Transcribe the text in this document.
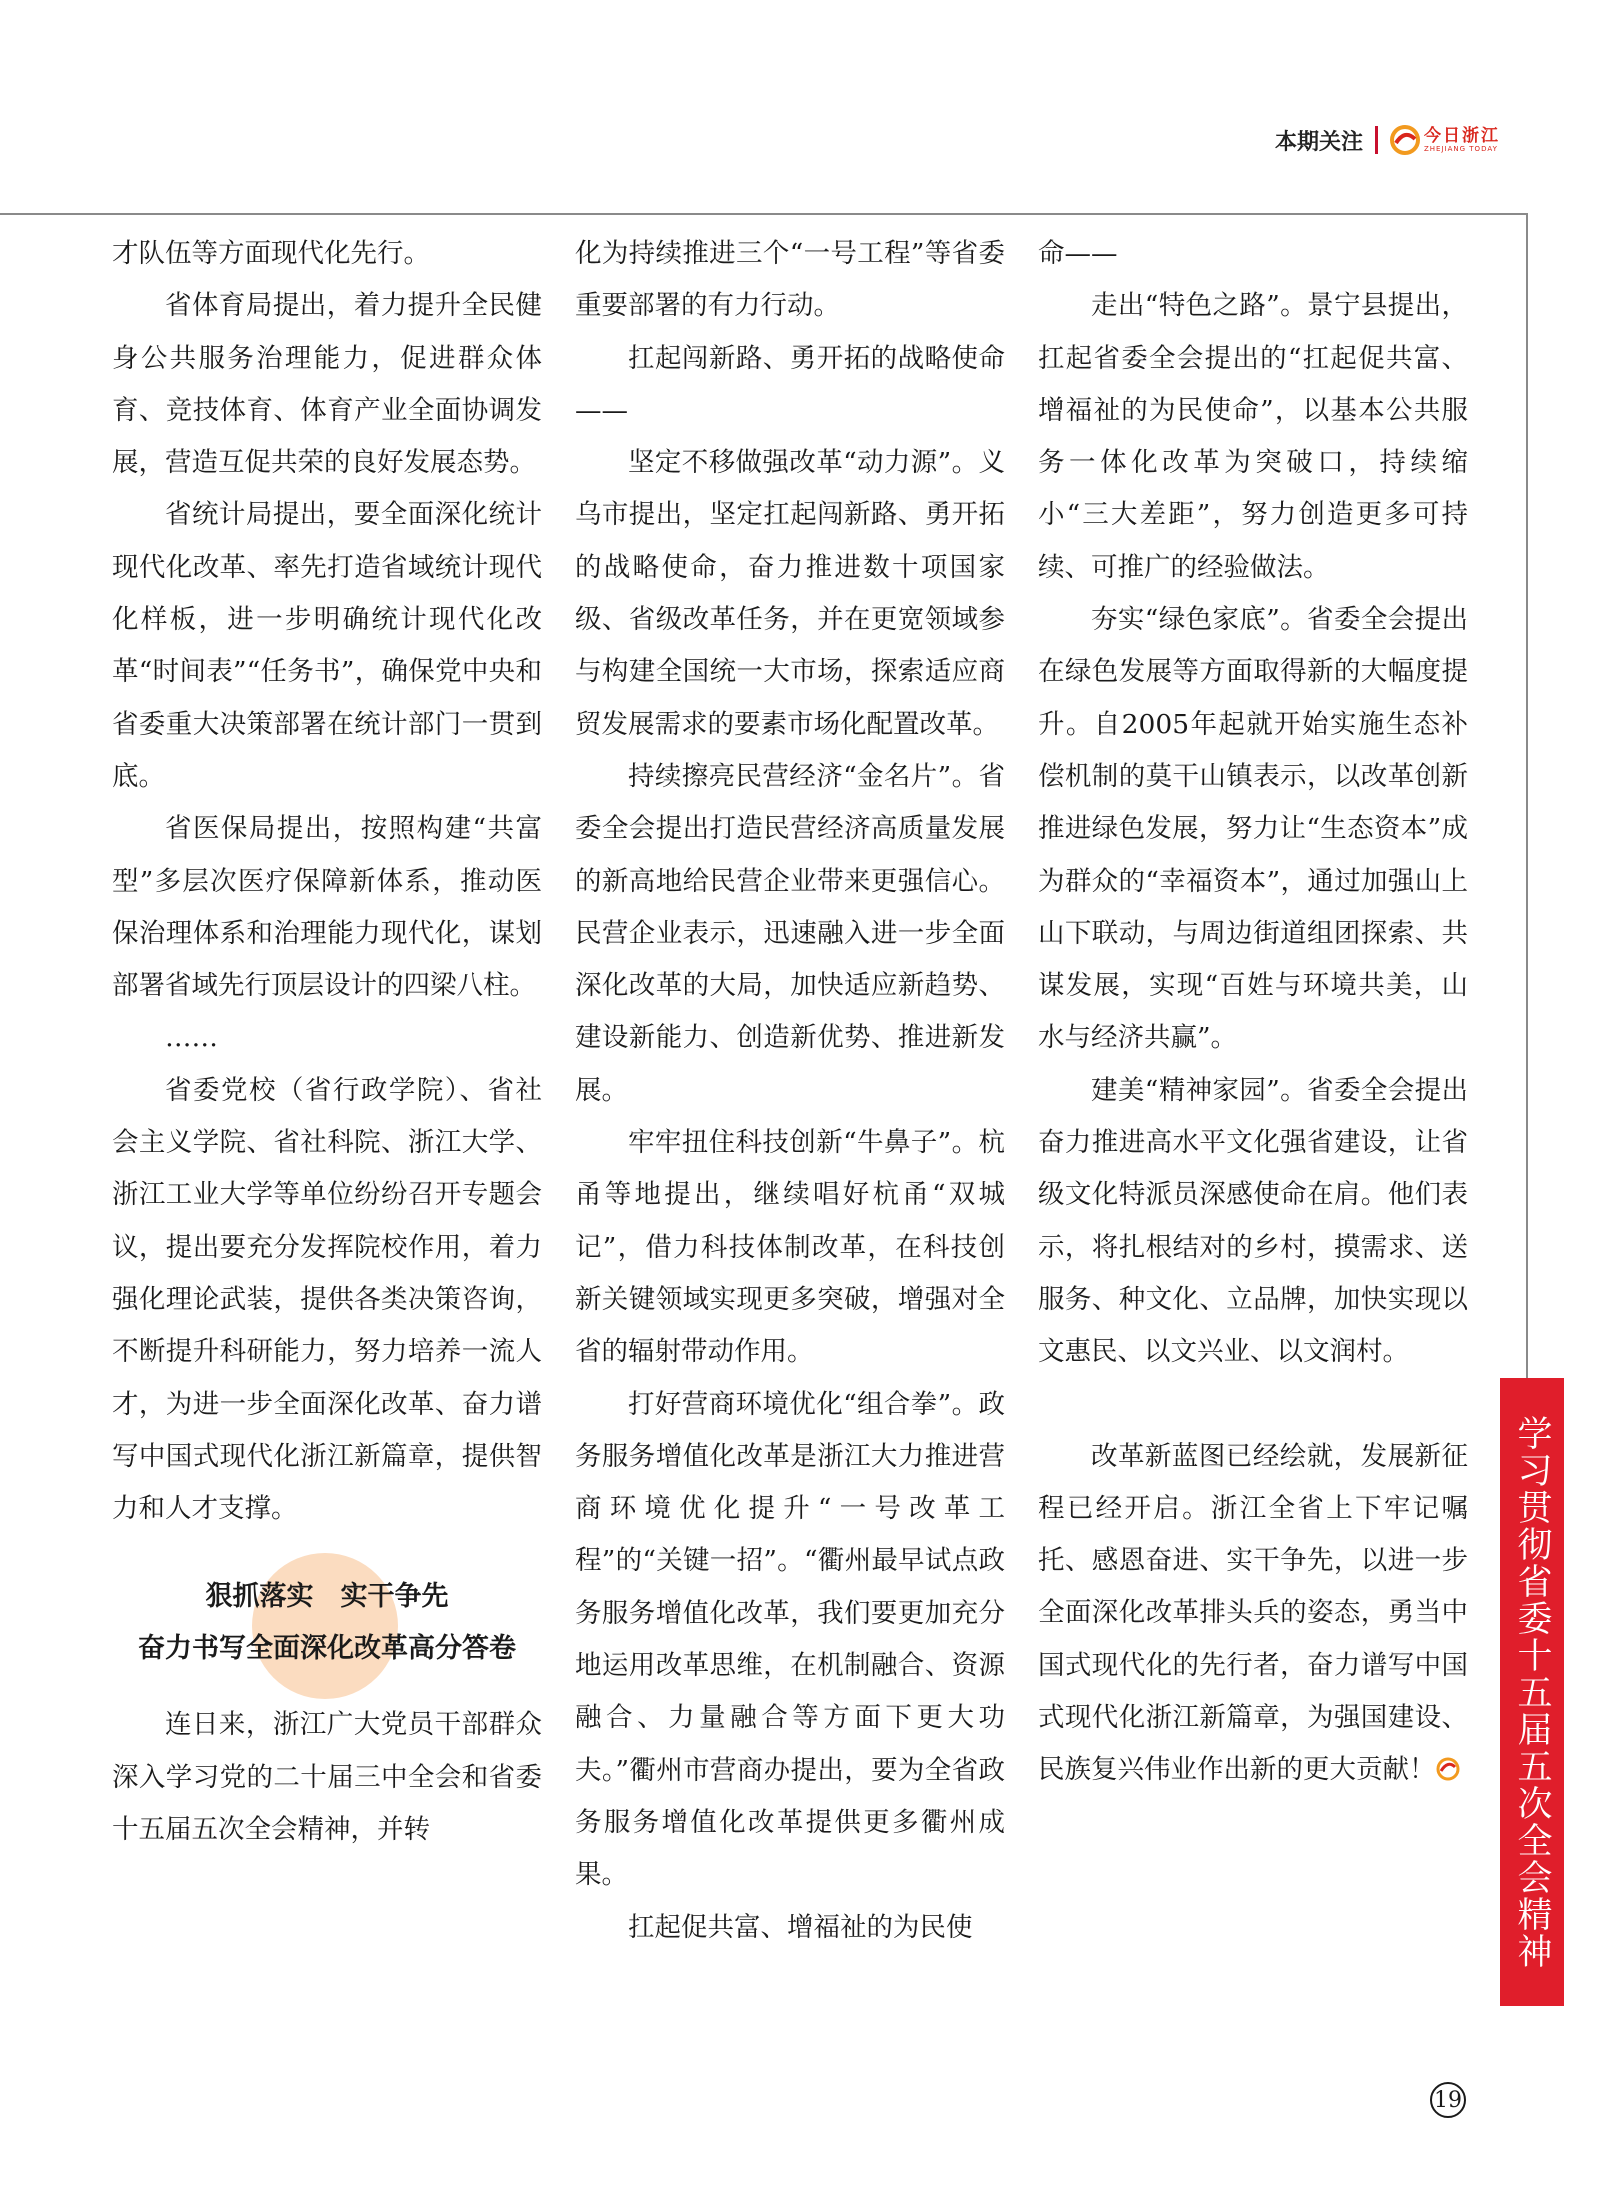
本期关注	今日浙江
ZHEJIANG TODAY

才队伍等方面现代化先行。

省体育局提出，着力提升全民健身公共服务治理能力，促进群众体育、竞技体育、体育产业全面协调发展，营造互促共荣的良好发展态势。

省统计局提出，要全面深化统计现代化改革、率先打造省域统计现代化样板，进一步明确统计现代化改革“时间表”“任务书”，确保党中央和省委重大决策部署在统计部门一贯到底。

省医保局提出，按照构建“共富型”多层次医疗保障新体系，推动医保治理体系和治理能力现代化，谋划部署省域先行顶层设计的四梁八柱。

……

省委党校（省行政学院）、省社会主义学院、省社科院、浙江大学、浙江工业大学等单位纷纷召开专题会议，提出要充分发挥院校作用，着力强化理论武装，提供各类决策咨询，不断提升科研能力，努力培养一流人才，为进一步全面深化改革、奋力谱写中国式现代化浙江新篇章，提供智力和人才支撑。

狠抓落实　实干争先
奋力书写全面深化改革高分答卷

连日来，浙江广大党员干部群众深入学习党的二十届三中全会和省委十五届五次全会精神，并转

化为持续推进三个“一号工程”等省委重要部署的有力行动。

扛起闯新路、勇开拓的战略使命——

坚定不移做强改革“动力源”。义乌市提出，坚定扛起闯新路、勇开拓的战略使命，奋力推进数十项国家级、省级改革任务，并在更宽领域参与构建全国统一大市场，探索适应商贸发展需求的要素市场化配置改革。

持续擦亮民营经济“金名片”。省委全会提出打造民营经济高质量发展的新高地给民营企业带来更强信心。民营企业表示，迅速融入进一步全面深化改革的大局，加快适应新趋势、建设新能力、创造新优势、推进新发展。

牢牢扭住科技创新“牛鼻子”。杭甬等地提出，继续唱好杭甬“双城记”，借力科技体制改革，在科技创新关键领域实现更多突破，增强对全省的辐射带动作用。

打好营商环境优化“组合拳”。政务服务增值化改革是浙江大力推进营商环境优化提升“一号改革工程”的“关键一招”。“衢州最早试点政务服务增值化改革，我们要更加充分地运用改革思维，在机制融合、资源融合、力量融合等方面下更大功夫。”衢州市营商办提出，要为全省政务服务增值化改革提供更多衢州成果。

扛起促共富、增福祉的为民使

命——

走出“特色之路”。景宁县提出，扛起省委全会提出的“扛起促共富、增福祉的为民使命”，以基本公共服务一体化改革为突破口，持续缩小“三大差距”，努力创造更多可持续、可推广的经验做法。

夯实“绿色家底”。省委全会提出在绿色发展等方面取得新的大幅度提升。自2005年起就开始实施生态补偿机制的莫干山镇表示，以改革创新推进绿色发展，努力让“生态资本”成为群众的“幸福资本”，通过加强山上山下联动，与周边街道组团探索、共谋发展，实现“百姓与环境共美，山水与经济共赢”。

建美“精神家园”。省委全会提出奋力推进高水平文化强省建设，让省级文化特派员深感使命在肩。他们表示，将扎根结对的乡村，摸需求、送服务、种文化、立品牌，加快实现以文惠民、以文兴业、以文润村。

改革新蓝图已经绘就，发展新征程已经开启。浙江全省上下牢记嘱托、感恩奋进、实干争先，以进一步全面深化改革排头兵的姿态，勇当中国式现代化的先行者，奋力谱写中国式现代化浙江新篇章，为强国建设、民族复兴伟业作出新的更大贡献！	学习贯彻省委十五届五次全会精神
19
